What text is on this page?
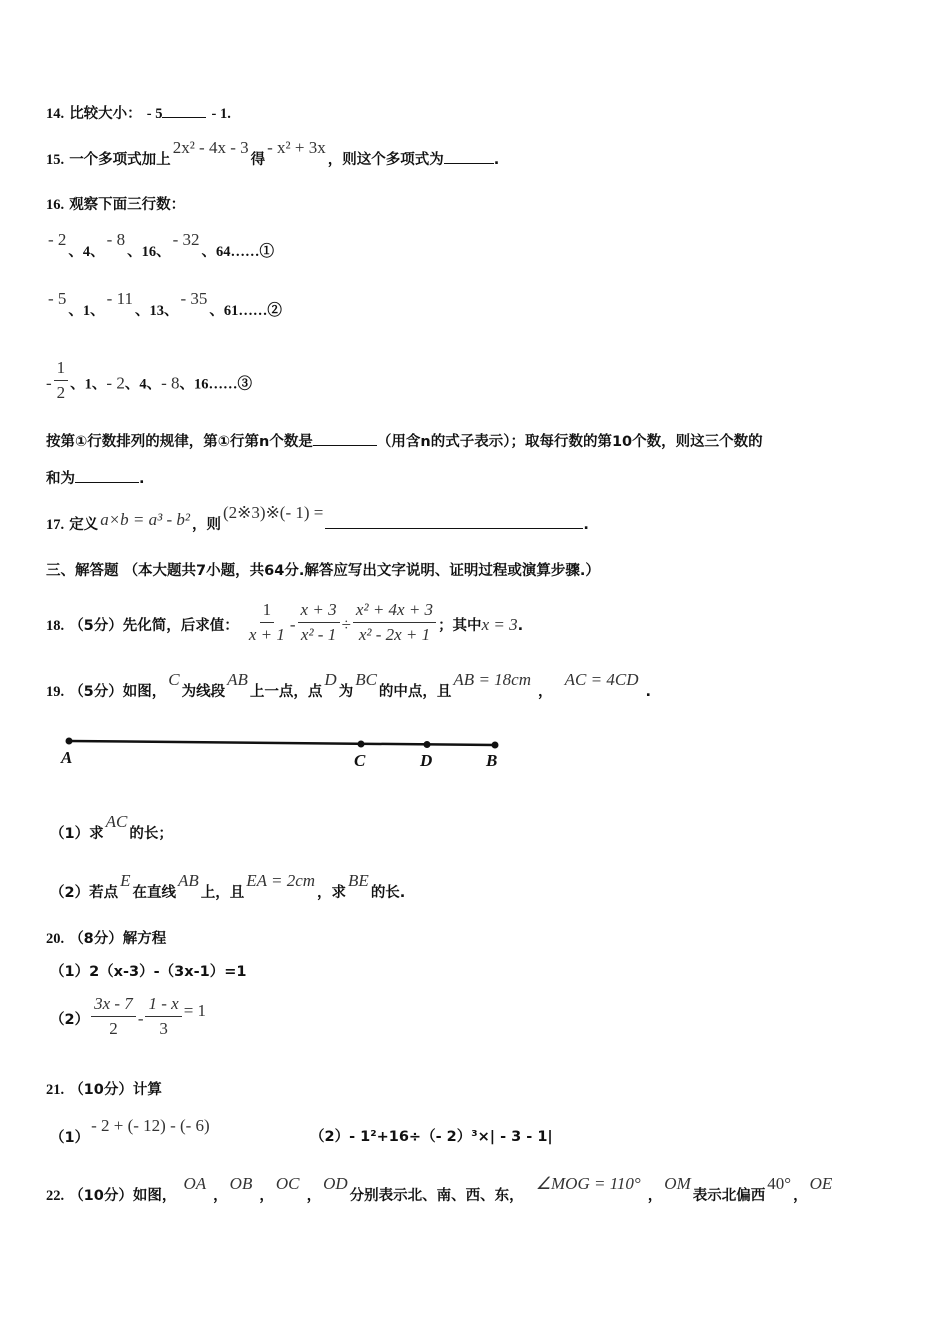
14. 比较大小： - 5	- 1.
15. 一个多项式加上2x² - 4x - 3得- x² + 3x，则这个多项式为	.
16. 观察下面三行数：
- 2、4、- 8、16、- 32、64……①
- 5、1、- 11、13、- 35、61……②
- $\frac{1}{2}$ 、1、- 2、4、- 8、16……③
按第①行数排列的规律，第①行第n个数是	（用含n的式子表示）；取每行数的第10个数，则这三个数的
和为	.
17. 定义 a×b = a³ - b² ，则(2※3)※(- 1) =.
三、解答题 （本大题共7小题，共64分.解答应写出文字说明、证明过程或演算步骤.）
18. （5分）先化简，后求值： $\frac{1}{x + 1} - \frac{x + 3}{\text{x² - 1}} \div \frac{\text{x² + 4x + 3}}{\text{x² - 2x + 1}}$ ；其中x = 3.
19. （5分）如图，C为线段AB上一点，点D为BC的中点，且AB = 18cm ，  AC = 4CD .
A	C	D	B
（1）求AC的长；
（2）若点E在直线AB上，且EA = 2cm，求BE的长.
20. （8分）解方程
（1）2（x-3）-（3x-1）=1
$(2) \frac{3x - 7}{2} - \frac{1 - x}{3} = 1$
21. （10分）计算
（1）- 2 + (- 12) - (- 6)
（2）- 1²+16÷（- 2）³×| - 3 - 1|
22. （10分）如图， OA ，OB ，OC ，OD分别表示北、南、西、东，  ∠MOG = 110° ，OM表示北偏西40°，OE
